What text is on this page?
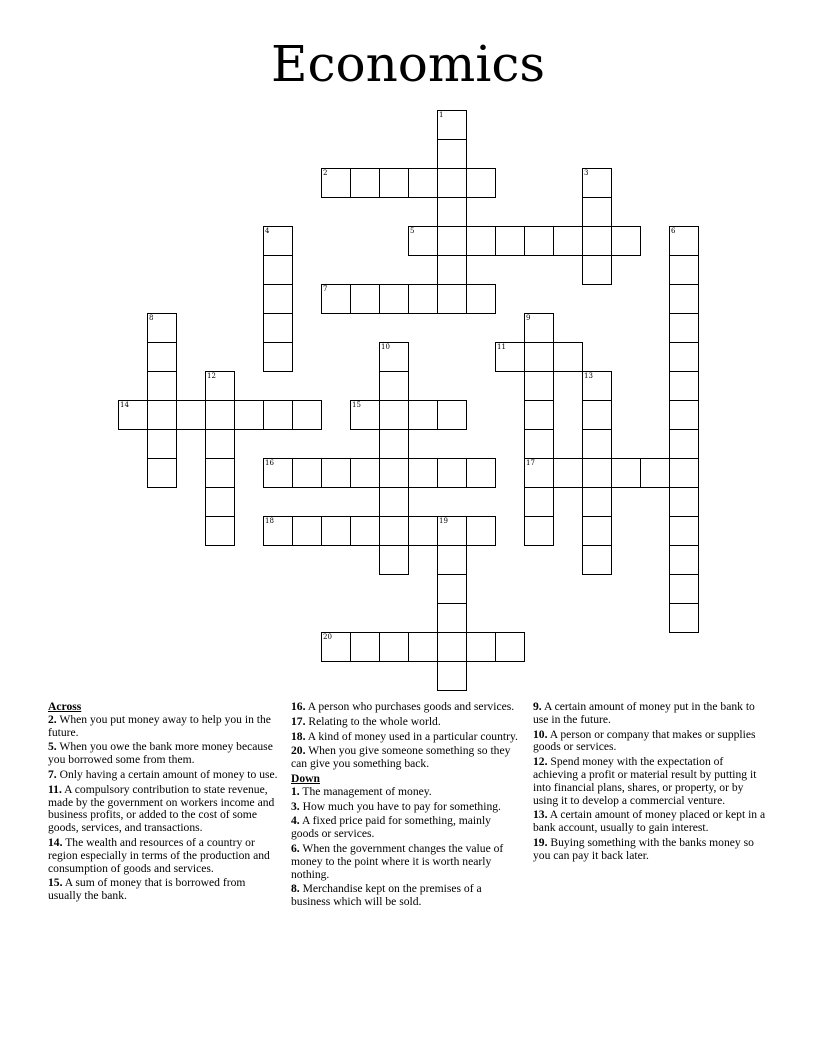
Economics
1
2	3
4	5	6
7
8	9
17
10	11
12	13
14	15
16
18	19
20
Across
2. When you put money away to help you in the future.
5. When you owe the bank more money because you borrowed some from them.
7. Only having a certain amount of money to use.
11. A compulsory contribution to state revenue, made by the government on workers income and business profits, or added to the cost of some goods, services, and transactions.
14. The wealth and resources of a country or region especially in terms of the production and consumption of goods and services.
15. A sum of money that is borrowed from usually the bank.
16. A person who purchases goods and services.
17. Relating to the whole world.
18. A kind of money used in a particular country.
20. When you give someone something so they can give you something back.
Down
1. The management of money.
3. How much you have to pay for something.
4. A fixed price paid for something, mainly goods or services.
6. When the government changes the value of money to the point where it is worth nearly nothing.
8. Merchandise kept on the premises of a business which will be sold.
9. A certain amount of money put in the bank to use in the future.
10. A person or company that makes or supplies goods or services.
12. Spend money with the expectation of achieving a profit or material result by putting it into financial plans, shares, or property, or by using it to develop a commercial venture.
13. A certain amount of money placed or kept in a bank account, usually to gain interest.
19. Buying something with the banks money so you can pay it back later.
